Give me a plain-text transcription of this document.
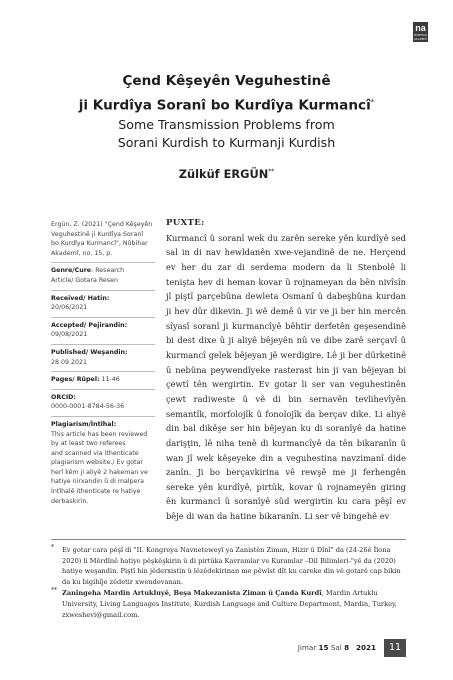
na
NÛBIHAR AKADEMÎ
Çend Kêşeyên Veguhestinê
ji Kurdîya Soranî bo Kurdîya Kurmancî*
Some Transmission Problems from
Sorani Kurdish to Kurmanji Kurdish
Zülküf ERGÜN**
Ergün, Z. (2021) "Çend Kêşeyên
Veguhestinê ji Kurdîya Soranî
bo Kurdîya Kurmancî", Nûbihar
Akademî, no. 15, p.
Genre/Cure: Research
Article/ Gotara Resen
Received/ Hatin:
20/06/2021
Accepted/ Pejirandin:
09/08/2021
Published/ Weşandin:
28.09.2021
Pages/ Rûpel: 11-46
ORCID:
0000-0001-8784-56-36
Plagiarism/İntîhal:
This article has been reviewed
by at least two referees
and scanned via ithenticate
plagiarism website./ Ev gotar
herî kêm ji aliyê 2 hakeman ve
hatiye nirxandin û di malpera
İntîhalê ithenticate re hatiye
derbaskirin.
PUXTE:
Kurmancî û soranî wek du zarên sereke yên kurdîyê sed sal in di nav hewldanên xwe-vejandinê de ne. Herçend ev her du zar di serdema modern da li Stenbolê li tenişta hev di heman kovar û rojnameyan da bên nivîsîn jî piştî parçebûna dewleta Osmanî û dabeşbûna kurdan ji hev dûr dikevin. Ji wê demê û vir ve ji ber hin mercên sîyasî soranî ji kurmancîyê bêhtir derfetên geşesendinê bi dest dixe û ji aliyê bêjeyên nû ve dibe zarê serçavî û kurmancî gelek bêjeyan jê werdigire. Lê ji ber dûrketinê û nebûna peywendîyeke rasterast hin ji van bêjeyan bi çewtî tên wergirtin. Ev gotar li ser van veguhestinên çewt radiweste û vê di bin sernavên tevlihevîyên semantîk, morfolojîk û fonolojîk da berçav dike. Li aliyê din bal dikêşe ser hin bêjeyan ku di soranîyê da hatine darişţin, lê niha tenê di kurmancîyê da tên bikaranîn û wan jî wek kêşeyeke din a veguhestina navzimanî dide zanîn. Ji bo berçavkirina vê rewşê me ji ferhengên sereke yên kurdîyê, pirtûk, kovar û rojnameyên giring ên kurmancî û soranîyê sûd wergirtin ku cara pêşî ev bêje di wan da hatine bikaranîn. Li ser vê bingehê ev
* Ev gotar cara pêşî di "II. Kongreya Navneteweyî ya Zanistên Ziman, Hizir û Dînî" da (24-26ê Îlona 2020) li Mêrdînê hatiye pêşkêşkirin û di pirtûka Kavramlar ve Kuramlar –Dil Bilimleri-"yê da (2020) hatiye weşandin. Piştî hin jêderxistin û lêzêdekirinan me pêwîst dît ku careke din vê gotarê cap bikin da ku bigihîje zêdetir xwendevanan.
** Zanîngeha Mardin Artukluyê, Beşa Makezanista Ziman û Çanda Kurdî, Mardin Artuklu University, Living Languages Institute, Kurdish Language and Culture Department, Mardin, Turkey, zxweshevi@gmail.com.
Jimar 15 Sal 8 2021	11
